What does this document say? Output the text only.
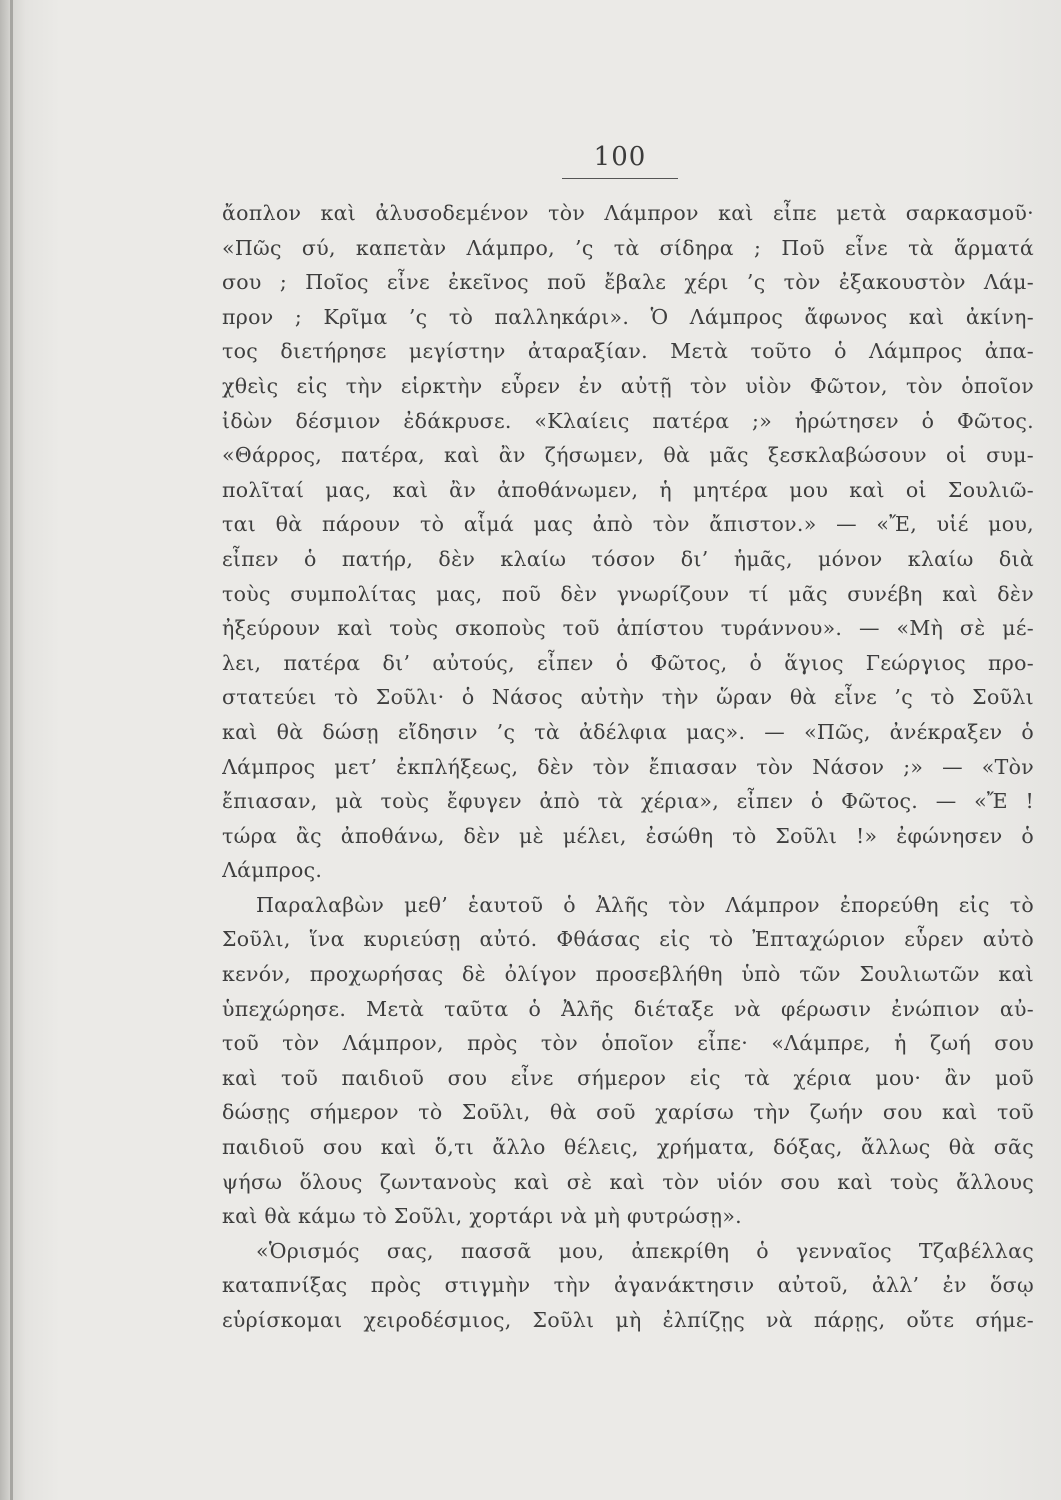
100
ἄοπλον καὶ ἀλυσοδεμένον τὸν Λάμπρον καὶ εἶπε μετὰ σαρκασμοῦ·
«Πῶς σύ, καπετὰν Λάμπρο, ’ς τὰ σίδηρα ; Ποῦ εἶνε τὰ ἅρματά
σου ; Ποῖος εἶνε ἐκεῖνος ποῦ ἔβαλε χέρι ’ς τὸν ἐξακουστὸν Λάμ-
προν ; Κρῖμα ’ς τὸ παλληκάρι». Ὁ Λάμπρος ἄφωνος καὶ ἀκίνη-
τος διετήρησε μεγίστην ἀταραξίαν. Μετὰ τοῦτο ὁ Λάμπρος ἀπα-
χθεὶς εἰς τὴν εἱρκτὴν εὗρεν ἐν αὐτῇ τὸν υἱὸν Φῶτον, τὸν ὁποῖον
ἰδὼν δέσμιον ἐδάκρυσε. «Κλαίεις πατέρα ;» ἠρώτησεν ὁ Φῶτος.
«Θάρρος, πατέρα, καὶ ἂν ζήσωμεν, θὰ μᾶς ξεσκλαβώσουν οἱ συμ-
πολῖταί μας, καὶ ἂν ἀποθάνωμεν, ἡ μητέρα μου καὶ οἱ Σουλιῶ-
ται θὰ πάρουν τὸ αἷμά μας ἀπὸ τὸν ἄπιστον.» — «Ἔ, υἱέ μου,
εἶπεν ὁ πατήρ, δὲν κλαίω τόσον δι’ ἡμᾶς, μόνον κλαίω διὰ
τοὺς συμπολίτας μας, ποῦ δὲν γνωρίζουν τί μᾶς συνέβη καὶ δὲν
ἠξεύρουν καὶ τοὺς σκοποὺς τοῦ ἀπίστου τυράννου». — «Μὴ σὲ μέ-
λει, πατέρα δι’ αὐτούς, εἶπεν ὁ Φῶτος, ὁ ἅγιος Γεώργιος προ-
στατεύει τὸ Σοῦλι· ὁ Νάσος αὐτὴν τὴν ὥραν θὰ εἶνε ’ς τὸ Σοῦλι
καὶ θὰ δώσῃ εἴδησιν ’ς τὰ ἀδέλφια μας». — «Πῶς, ἀνέκραξεν ὁ
Λάμπρος μετ’ ἐκπλήξεως, δὲν τὸν ἔπιασαν τὸν Νάσον ;» — «Τὸν
ἔπιασαν, μὰ τοὺς ἔφυγεν ἀπὸ τὰ χέρια», εἶπεν ὁ Φῶτος. — «Ἔ !
τώρα ἂς ἀποθάνω, δὲν μὲ μέλει, ἐσώθη τὸ Σοῦλι !» ἐφώνησεν ὁ
Λάμπρος.
Παραλαβὼν μεθ’ ἑαυτοῦ ὁ Ἀλῆς τὸν Λάμπρον ἐπορεύθη εἰς τὸ
Σοῦλι, ἵνα κυριεύσῃ αὐτό. Φθάσας εἰς τὸ Ἐπταχώριον εὗρεν αὐτὸ
κενόν, προχωρήσας δὲ ὀλίγον προσεβλήθη ὑπὸ τῶν Σουλιωτῶν καὶ
ὑπεχώρησε. Μετὰ ταῦτα ὁ Ἀλῆς διέταξε νὰ φέρωσιν ἐνώπιον αὐ-
τοῦ τὸν Λάμπρον, πρὸς τὸν ὁποῖον εἶπε· «Λάμπρε, ἡ ζωή σου
καὶ τοῦ παιδιοῦ σου εἶνε σήμερον εἰς τὰ χέρια μου· ἂν μοῦ
δώσῃς σήμερον τὸ Σοῦλι, θὰ σοῦ χαρίσω τὴν ζωήν σου καὶ τοῦ
παιδιοῦ σου καὶ ὅ,τι ἄλλο θέλεις, χρήματα, δόξας, ἄλλως θὰ σᾶς
ψήσω ὅλους ζωντανοὺς καὶ σὲ καὶ τὸν υἱόν σου καὶ τοὺς ἄλλους
καὶ θὰ κάμω τὸ Σοῦλι, χορτάρι νὰ μὴ φυτρώσῃ».
«Ὁρισμός σας, πασσᾶ μου, ἀπεκρίθη ὁ γενναῖος Τζαβέλλας
καταπνίξας πρὸς στιγμὴν τὴν ἀγανάκτησιν αὐτοῦ, ἀλλ’ ἐν ὅσῳ
εὑρίσκομαι χειροδέσμιος, Σοῦλι μὴ ἐλπίζῃς νὰ πάρῃς, οὔτε σήμε-
